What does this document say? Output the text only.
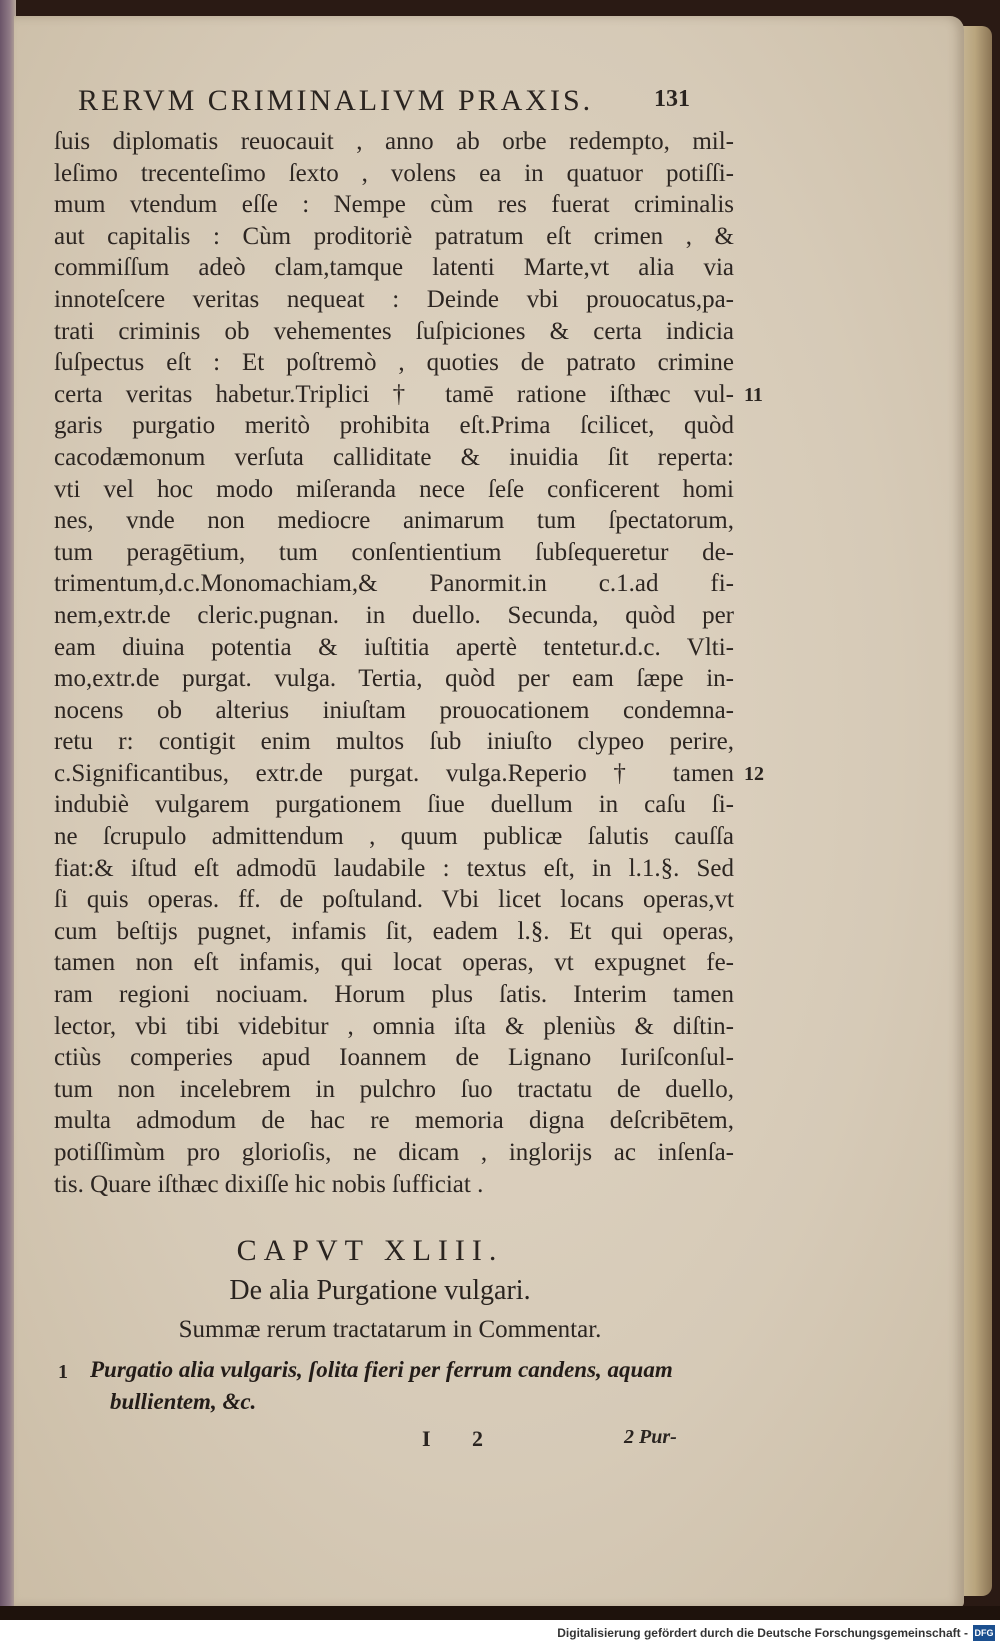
RERVM CRIMINALIVM PRAXIS.	131
ſuis diplomatis reuocauit , anno ab orbe redempto, mil-
leſimo trecenteſimo ſexto , volens ea in quatuor potiſſi-
mum vtendum eſſe : Nempe cùm res fuerat criminalis
aut capitalis : Cùm proditoriè patratum eſt crimen , &
commiſſum adeò clam,tamque latenti Marte,vt alia via
innoteſcere veritas nequeat : Deinde vbi prouocatus,pa-
trati criminis ob vehementes ſuſpiciones & certa indicia
ſuſpectus eſt : Et poſtremò , quoties de patrato crimine
certa veritas habetur.Triplici † tamē ratione iſthæc vul-
garis purgatio meritò prohibita eſt.Prima ſcilicet, quòd
cacodæmonum verſuta calliditate & inuidia ſit reperta:
vti vel hoc modo miſeranda nece ſeſe conficerent homi
nes, vnde non mediocre animarum tum ſpectatorum,
tum peragētium, tum conſentientium ſubſequeretur de-
trimentum,d.c.Monomachiam,& Panormit.in c.1.ad fi-
nem,extr.de cleric.pugnan. in duello. Secunda, quòd per
eam diuina potentia & iuſtitia apertè tentetur.d.c. Vlti-
mo,extr.de purgat. vulga. Tertia, quòd per eam ſæpe in-
nocens ob alterius iniuſtam prouocationem condemna-
retu r: contigit enim multos ſub iniuſto clypeo perire,
c.Significantibus, extr.de purgat. vulga.Reperio † tamen
indubiè vulgarem purgationem ſiue duellum in caſu ſi-
ne ſcrupulo admittendum , quum publicæ ſalutis cauſſa
fiat:& iſtud eſt admodū laudabile : textus eſt, in l.1.§. Sed
ſi quis operas. ff. de poſtuland. Vbi licet locans operas,vt
cum beſtijs pugnet, infamis ſit, eadem l.§. Et qui operas,
tamen non eſt infamis, qui locat operas, vt expugnet fe-
ram regioni nociuam. Horum plus ſatis. Interim tamen
lector, vbi tibi videbitur , omnia iſta & pleniùs & diſtin-
ctiùs comperies apud Ioannem de Lignano Iuriſconſul-
tum non incelebrem in pulchro ſuo tractatu de duello,
multa admodum de hac re memoria digna deſcribētem,
potiſſimùm pro glorioſis, ne dicam , inglorijs ac inſenſa-
tis. Quare iſthæc dixiſſe hic nobis ſufficiat .
11
12
CAPVT XLIII.
De alia Purgatione vulgari.
Summæ rerum tractatarum in Commentar.
1 Purgatio alia vulgaris, ſolita fieri per ferrum candens, aquam
bullientem, &c.
I 2	2 Pur-
Digitalisierung gefördert durch die Deutsche Forschungsgemeinschaft - DFG
